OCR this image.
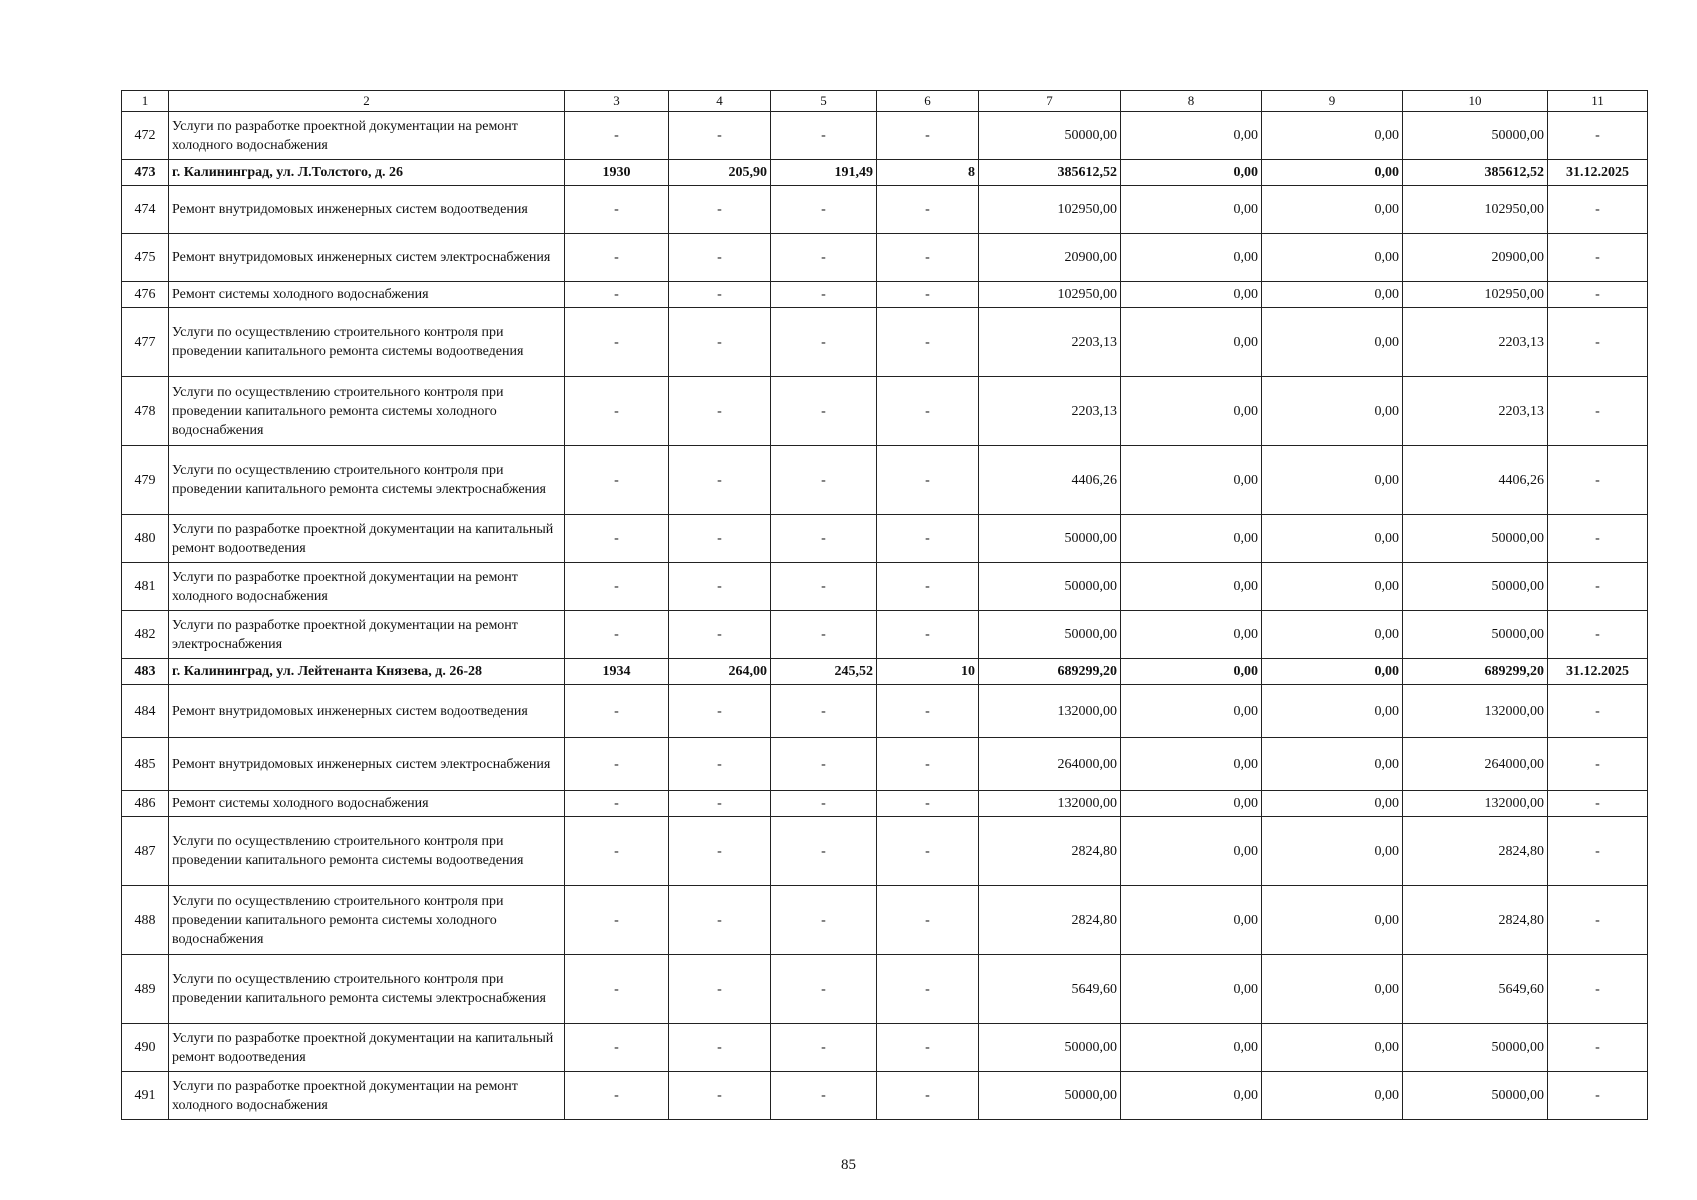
1	2	3	4	5	6	7	8	9	10	11
472	Услуги по разработке проектной документации на ремонт холодного водоснабжения	-	-	-	-	50000,00	0,00	0,00	50000,00	-
473	г. Калининград, ул. Л.Толстого, д. 26	1930	205,90	191,49	8	385612,52	0,00	0,00	385612,52	31.12.2025
474	Ремонт внутридомовых инженерных систем водоотведения	-	-	-	-	102950,00	0,00	0,00	102950,00	-
475	Ремонт внутридомовых инженерных систем электроснабжения	-	-	-	-	20900,00	0,00	0,00	20900,00	-
476	Ремонт системы холодного водоснабжения	-	-	-	-	102950,00	0,00	0,00	102950,00	-
477	Услуги по осуществлению строительного контроля при проведении капитального ремонта системы водоотведения	-	-	-	-	2203,13	0,00	0,00	2203,13	-
478	Услуги по осуществлению строительного контроля при проведении капитального ремонта системы холодного водоснабжения	-	-	-	-	2203,13	0,00	0,00	2203,13	-
479	Услуги по осуществлению строительного контроля при проведении капитального ремонта системы электроснабжения	-	-	-	-	4406,26	0,00	0,00	4406,26	-
480	Услуги по разработке проектной документации на капитальный ремонт водоотведения	-	-	-	-	50000,00	0,00	0,00	50000,00	-
481	Услуги по разработке проектной документации на ремонт холодного водоснабжения	-	-	-	-	50000,00	0,00	0,00	50000,00	-
482	Услуги по разработке проектной документации на ремонт электроснабжения	-	-	-	-	50000,00	0,00	0,00	50000,00	-
483	г. Калининград, ул. Лейтенанта Князева, д. 26-28	1934	264,00	245,52	10	689299,20	0,00	0,00	689299,20	31.12.2025
484	Ремонт внутридомовых инженерных систем водоотведения	-	-	-	-	132000,00	0,00	0,00	132000,00	-
485	Ремонт внутридомовых инженерных систем электроснабжения	-	-	-	-	264000,00	0,00	0,00	264000,00	-
486	Ремонт системы холодного водоснабжения	-	-	-	-	132000,00	0,00	0,00	132000,00	-
487	Услуги по осуществлению строительного контроля при проведении капитального ремонта системы водоотведения	-	-	-	-	2824,80	0,00	0,00	2824,80	-
488	Услуги по осуществлению строительного контроля при проведении капитального ремонта системы холодного водоснабжения	-	-	-	-	2824,80	0,00	0,00	2824,80	-
489	Услуги по осуществлению строительного контроля при проведении капитального ремонта системы электроснабжения	-	-	-	-	5649,60	0,00	0,00	5649,60	-
490	Услуги по разработке проектной документации на капитальный ремонт водоотведения	-	-	-	-	50000,00	0,00	0,00	50000,00	-
491	Услуги по разработке проектной документации на ремонт холодного водоснабжения	-	-	-	-	50000,00	0,00	0,00	50000,00	-
85
